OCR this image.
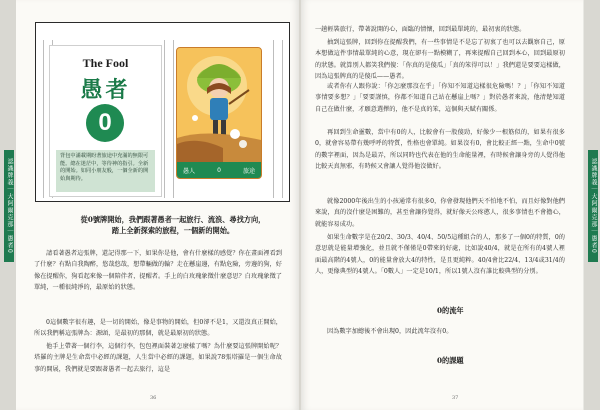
認識牌義｜大阿爾克那｜愚者0	認識牌義｜大阿爾克那｜愚者0
The Fool
愚者
0
背包中滿載期盼著旅途中充滿的無限可能。總在迷茫中，等待神的指引。全新的開始。如同小朋友般，一個全新的開始與期待。
愚人	0	旅途
從0號牌開始，我們跟著愚者一起旅行、流浪、尋找方向，
踏上全新探索的旅程，一個新的開始。
請看著愚者這張牌，還記得那一下，如果你是他，會有什麼樣的感覺？你在畫面裡看到了什麼？有點自我陶醉，悠哉悠哉，想帶輛做的輪？走在懸崖邊，有點危險，旁邊的狗，好像在提醒你，狗看起來像一個陪伴者，提醒者。手上的白玫瑰象徵什麼意思？白玫瑰象徵了單純，一種很純淨的，最原始的狀態。
0這個數字很有趣，是一切的開始，像是事物的開始，但0卻不是1，又還沒真正開始，所以我們稱這張牌為：源頭，是最初的那個，就是最原初的狀態。
他手上帶著一個行李，這個行李，包包裡面裝著怎麼樣了嗎？為什麼要這張牌開始呢？塔羅的主牌是生命當中必經的課題，人生當中必經的課題，如果說78張塔羅是一個生命故事的開展，我們就是要跟著愚者一起去旅行，這是
36
一趟輕裝旅行，帶著說開的心，面臨的情懷，回到最單純的，最初衷的狀態。
抽到這張牌，回到你在提醒我們，有一些事情是不是忘了初衷了也可以去觀察自己，原本想做這件事情最單純的心意，現在卻有一點模糊了，再來提醒自己回到本心，回到最原初的狀態。就算別人都笑我們傻：「你真的是傻瓜」「真的笨得可以！」我們還是要要這樣做，因為這張牌真的是傻瓜——愚者。
或者你有人跟你說：「你怎麼那沒在乎」「你知不知道這樣很危險嗎！？」「你知不知道事情要多想？」「要要謹慎，你都不知道自己站在懸崖上嗎？」對於愚者來說，他清楚知道自己在做什麼，才願意選擇的，他不是真的笨，這個與天賦有關係。
再回到生命靈數，當中有0的人，比較會有一股傻勁，好像少一根筋似的，如果有很多0，就會容易帶有幾呼呼的特質，性格也會單純。如果沒有0，會比較正經一點，生命中0號的數字裡面，因為是最弄，所以同時也代表在他的生命能量裡，有時候會讓身旁的人覺得他比較天真無邪，有時候又會讓人覺得他沒做好。
就像2000年後出生的小孩通常有很多0，你會發現他們天不怕地不怕，而且好像對他們來說，真的沒什麼是困難的，甚至會讓你覺得，就好像天公疼憨人，很多事情也不會擔心，就能容易成功。
如果生命數字是在20/2、30/3、40/4、50/5這種組合的人，那多了一個0的特質，0的意思就是能量增強化，並且就不僅僅是0帶來的好處，比如說40/4，就是在所有的4號人裡面最高階的4號人，0的能量會放大4的特性，是且更純粹。40/4會比22/4、13/4或31/4的人，更像典型的4號人。「0數人」一定是10/1，所以1號人沒有誰比較典型的分別。
0的流年
因為數字加總後不會出現0，因此流年沒有0。
0的課題
37
